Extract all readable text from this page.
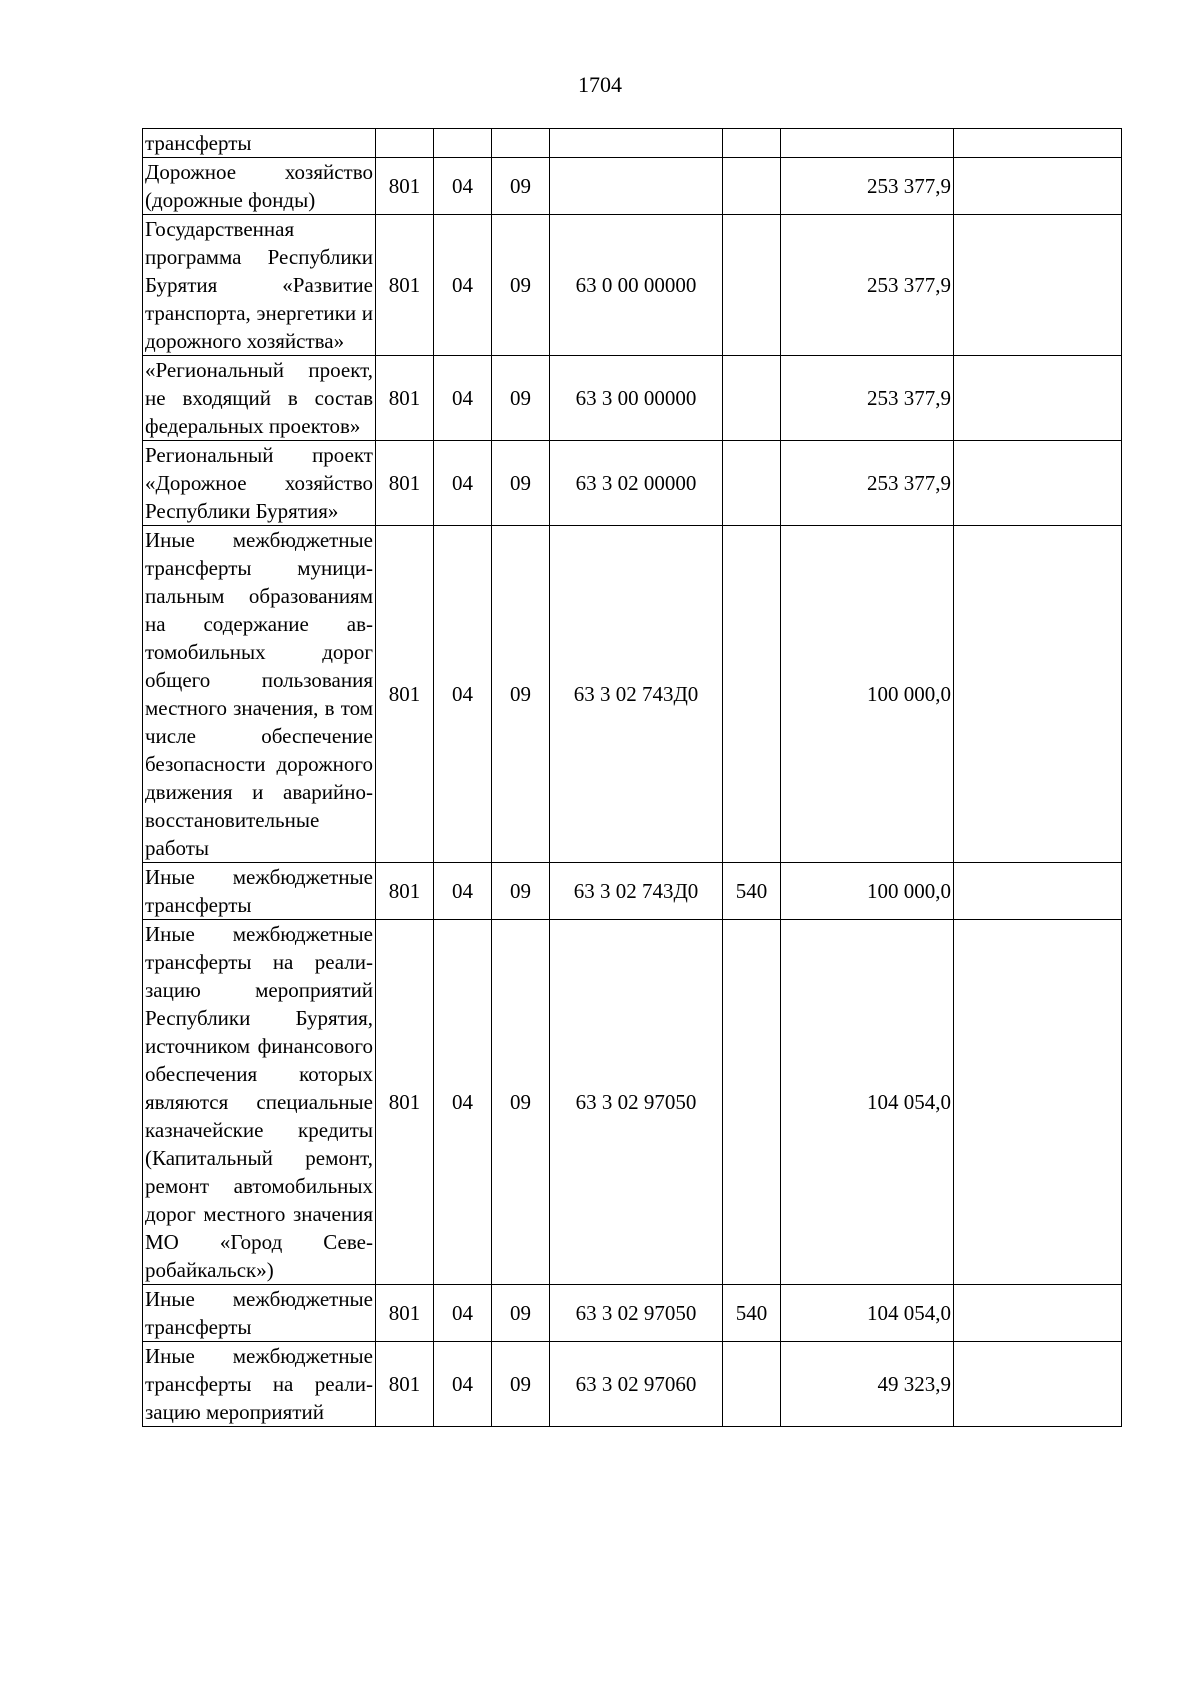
1704
трансферты							
Дорожное хозяйство (дорожные фонды)	801	04	09			253 377,9	
Государственная программа Республики Бурятия «Развитие транспорта, энергетики и дорожного хозяйства»	801	04	09	63 0 00 00000		253 377,9	
«Региональный проект, не входящий в состав федеральных проектов»	801	04	09	63 3 00 00000		253 377,9	
Региональный проект «Дорожное хозяйство Республики Бурятия»	801	04	09	63 3 02 00000		253 377,9	
Иные межбюджетные трансферты муниципальным образованиям на содержание автомобильных дорог общего пользования местного значения, в том числе обеспечение безопасности дорожного движения и аварийно-восстановительные работы	801	04	09	63 3 02 743Д0		100 000,0	
Иные межбюджетные трансферты	801	04	09	63 3 02 743Д0	540	100 000,0	
Иные межбюджетные трансферты на реализацию мероприятий Республики Бурятия, источником финансового обеспечения которых являются специальные казначейские кредиты (Капитальный ремонт, ремонт автомобильных дорог местного значения МО «Город Северобайкальск»)	801	04	09	63 3 02 97050		104 054,0	
Иные межбюджетные трансферты	801	04	09	63 3 02 97050	540	104 054,0	
Иные межбюджетные трансферты на реализацию мероприятий	801	04	09	63 3 02 97060		49 323,9	
